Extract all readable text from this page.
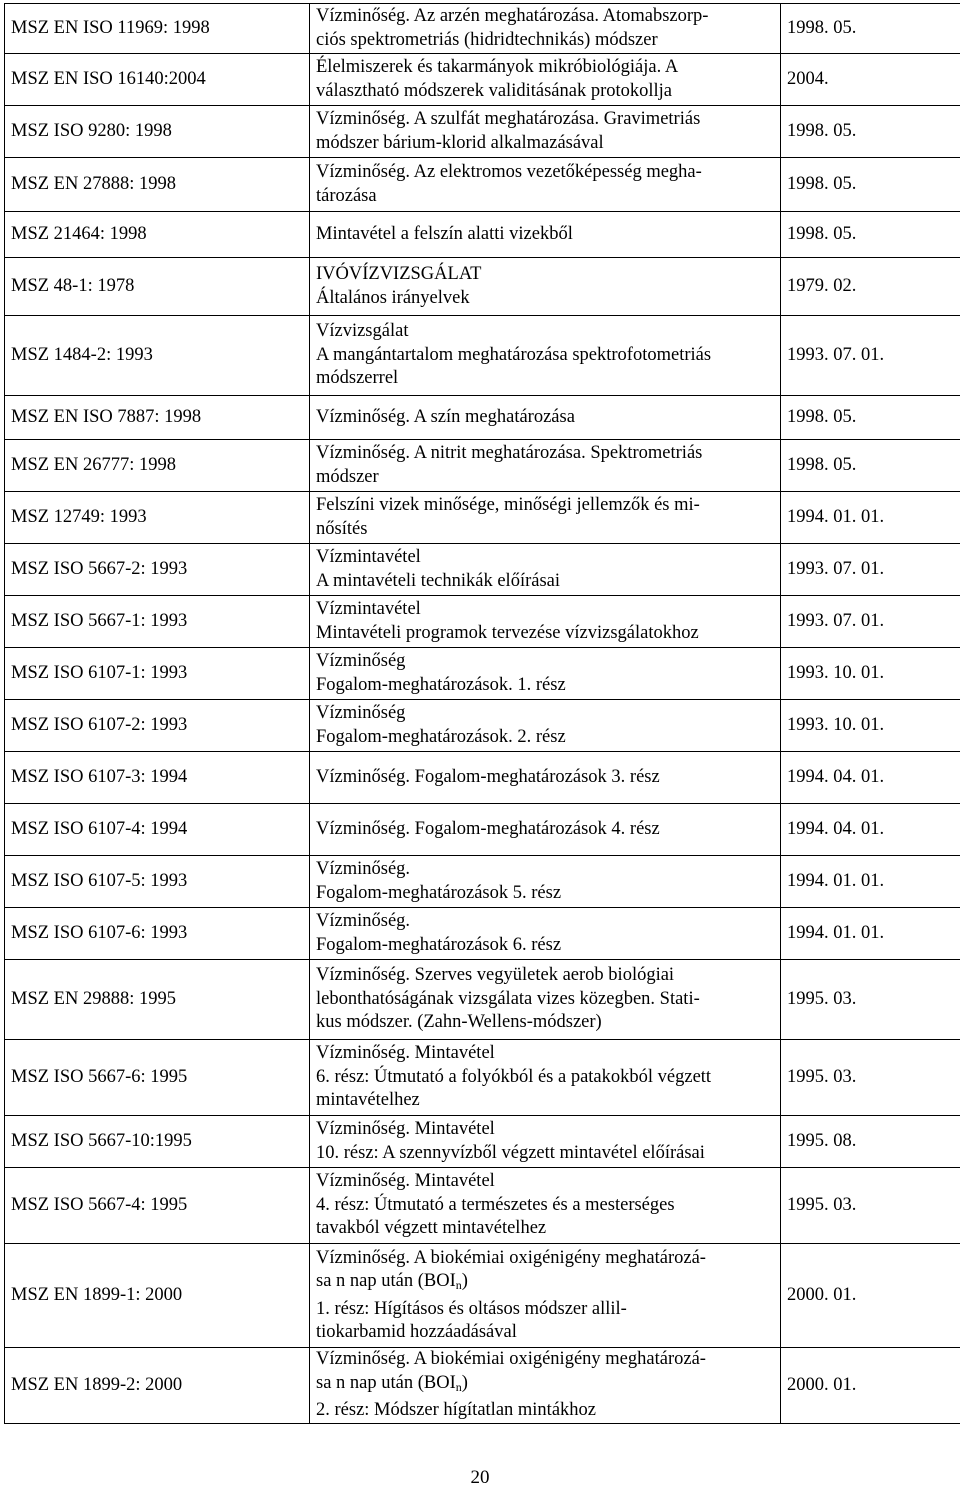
MSZ EN ISO 11969: 1998	Vízminőség. Az arzén meghatározása. Atomabszorp-
ciós spektrometriás (hidridtechnikás) módszer	1998. 05.
MSZ EN ISO 16140:2004	Élelmiszerek és takarmányok mikróbiológiája. A
választható módszerek validitásának protokollja	2004.
MSZ ISO 9280: 1998	Vízminőség. A szulfát meghatározása. Gravimetriás
módszer bárium-klorid alkalmazásával	1998. 05.
MSZ EN 27888: 1998	Vízminőség. Az elektromos vezetőképesség megha-
tározása	1998. 05.
MSZ 21464: 1998	Mintavétel a felszín alatti vizekből	1998. 05.
MSZ 48-1: 1978	IVÓVÍZVIZSGÁLAT
Általános irányelvek	1979. 02.
MSZ 1484-2: 1993	Vízvizsgálat
A mangántartalom meghatározása spektrofotometriás
módszerrel	1993. 07. 01.
MSZ EN ISO 7887: 1998	Vízminőség. A szín meghatározása	1998. 05.
MSZ EN 26777: 1998	Vízminőség. A nitrit meghatározása. Spektrometriás
módszer	1998. 05.
MSZ 12749: 1993	Felszíni vizek minősége, minőségi jellemzők és mi-
nősítés	1994. 01. 01.
MSZ ISO 5667-2: 1993	Vízmintavétel
A mintavételi technikák előírásai	1993. 07. 01.
MSZ ISO 5667-1: 1993	Vízmintavétel
Mintavételi programok tervezése vízvizsgálatokhoz	1993. 07. 01.
MSZ ISO 6107-1: 1993	Vízminőség
Fogalom-meghatározások. 1. rész	1993. 10. 01.
MSZ ISO 6107-2: 1993	Vízminőség
Fogalom-meghatározások. 2. rész	1993. 10. 01.
MSZ ISO 6107-3: 1994	Vízminőség. Fogalom-meghatározások 3. rész	1994. 04. 01.
MSZ ISO 6107-4: 1994	Vízminőség. Fogalom-meghatározások 4. rész	1994. 04. 01.
MSZ ISO 6107-5: 1993	Vízminőség.
Fogalom-meghatározások 5. rész	1994. 01. 01.
MSZ ISO 6107-6: 1993	Vízminőség.
Fogalom-meghatározások 6. rész	1994. 01. 01.
MSZ EN 29888: 1995	Vízminőség. Szerves vegyületek aerob biológiai
lebonthatóságának vizsgálata vizes közegben. Stati-
kus módszer. (Zahn-Wellens-módszer)	1995. 03.
MSZ ISO 5667-6: 1995	Vízminőség. Mintavétel
6. rész: Útmutató a folyókból és a patakokból végzett
mintavételhez	1995. 03.
MSZ ISO 5667-10:1995	Vízminőség. Mintavétel
10. rész: A szennyvízből végzett mintavétel előírásai	1995. 08.
MSZ ISO 5667-4: 1995	Vízminőség. Mintavétel
4. rész: Útmutató a természetes és a mesterséges
tavakból végzett mintavételhez	1995. 03.
MSZ EN 1899-1: 2000	Vízminőség. A biokémiai oxigénigény meghatározá-
sa n nap után $(BOI_n)$
1. rész: Hígításos és oltásos módszer allil-
tiokarbamid hozzáadásával	2000. 01.
MSZ EN 1899-2: 2000	Vízminőség. A biokémiai oxigénigény meghatározá-
sa n nap után $(BOI_n)$
2. rész: Módszer hígítatlan mintákhoz	2000. 01.
20
